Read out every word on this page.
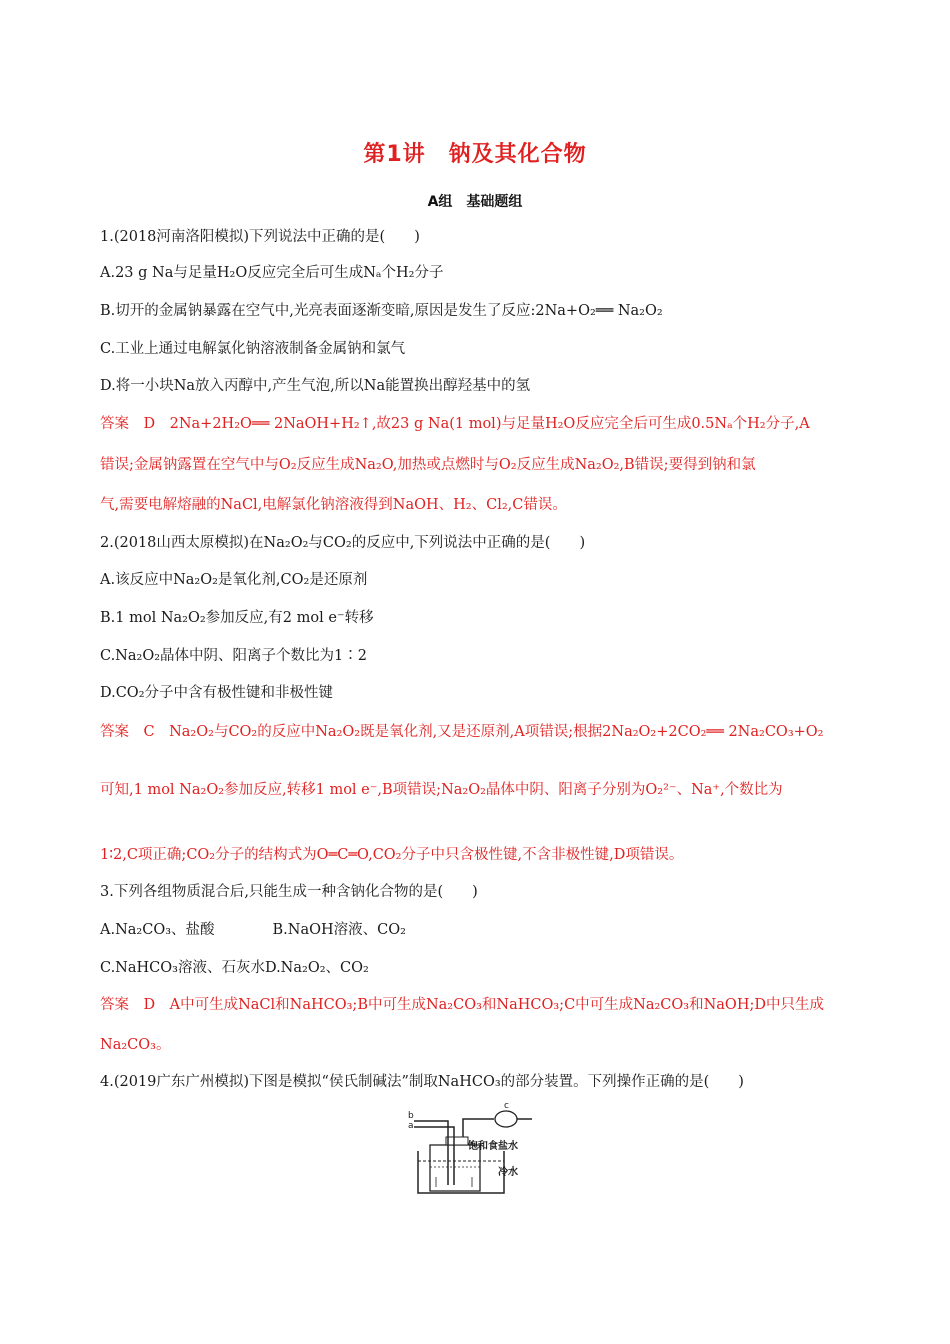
第1讲　钠及其化合物
A组　基础题组
1.(2018河南洛阳模拟)下列说法中正确的是(　　)
A.23 g Na与足量H₂O反应完全后可生成Nₐ个H₂分子
B.切开的金属钠暴露在空气中,光亮表面逐渐变暗,原因是发生了反应:2Na+O₂══ Na₂O₂
C.工业上通过电解氯化钠溶液制备金属钠和氯气
D.将一小块Na放入丙醇中,产生气泡,所以Na能置换出醇羟基中的氢
答案　D　2Na+2H₂O══ 2NaOH+H₂↑,故23 g Na(1 mol)与足量H₂O反应完全后可生成0.5Nₐ个H₂分子,A
错误;金属钠露置在空气中与O₂反应生成Na₂O,加热或点燃时与O₂反应生成Na₂O₂,B错误;要得到钠和氯
气,需要电解熔融的NaCl,电解氯化钠溶液得到NaOH、H₂、Cl₂,C错误。
2.(2018山西太原模拟)在Na₂O₂与CO₂的反应中,下列说法中正确的是(　　)
A.该反应中Na₂O₂是氧化剂,CO₂是还原剂
B.1 mol Na₂O₂参加反应,有2 mol e⁻转移
C.Na₂O₂晶体中阴、阳离子个数比为1∶2
D.CO₂分子中含有极性键和非极性键
答案　C　Na₂O₂与CO₂的反应中Na₂O₂既是氧化剂,又是还原剂,A项错误;根据2Na₂O₂+2CO₂══ 2Na₂CO₃+O₂
可知,1 mol Na₂O₂参加反应,转移1 mol e⁻,B项错误;Na₂O₂晶体中阴、阳离子分别为O₂²⁻、Na⁺,个数比为
1∶2,C项正确;CO₂分子的结构式为O═C═O,CO₂分子中只含极性键,不含非极性键,D项错误。
3.下列各组物质混合后,只能生成一种含钠化合物的是(　　)
A.Na₂CO₃、盐酸　　　　B.NaOH溶液、CO₂
C.NaHCO₃溶液、石灰水D.Na₂O₂、CO₂
答案　D　A中可生成NaCl和NaHCO₃;B中可生成Na₂CO₃和NaHCO₃;C中可生成Na₂CO₃和NaOH;D中只生成
Na₂CO₃。
4.(2019广东广州模拟)下图是模拟“侯氏制碱法”制取NaHCO₃的部分装置。下列操作正确的是(　　)
a
b
c
饱和食盐水
冷水
